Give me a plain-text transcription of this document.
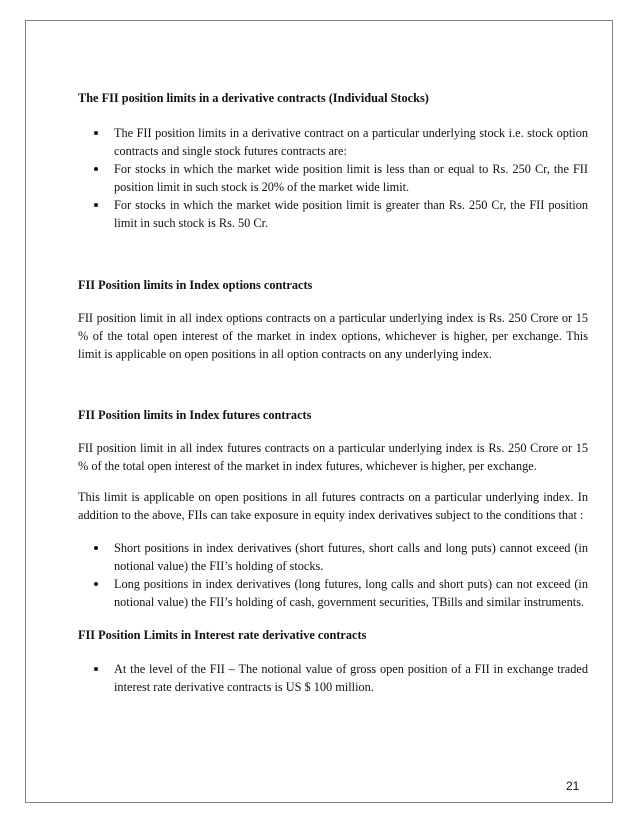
The FII position limits in a derivative contracts (Individual Stocks)

The FII position limits in a derivative contract on a particular underlying stock i.e. stock option contracts and single stock futures contracts are:
For stocks in which the market wide position limit is less than or equal to Rs. 250 Cr, the FII position limit in such stock is 20% of the market wide limit.
For stocks in which the market wide position limit is greater than Rs. 250 Cr, the FII position limit in such stock is Rs. 50 Cr.

FII Position limits in Index options contracts

FII position limit in all index options contracts on a particular underlying index is Rs. 250 Crore or 15 % of the total open interest of the market in index options, whichever is higher, per exchange. This limit is applicable on open positions in all option contracts on any underlying index.

FII Position limits in Index futures contracts

FII position limit in all index futures contracts on a particular underlying index is Rs. 250 Crore or 15 % of the total open interest of the market in index futures, whichever is higher, per exchange.

This limit is applicable on open positions in all futures contracts on a particular underlying index. In addition to the above, FIIs can take exposure in equity index derivatives subject to the conditions that :

Short positions in index derivatives (short futures, short calls and long puts) cannot exceed (in notional value) the FII’s holding of stocks.
Long positions in index derivatives (long futures, long calls and short puts) can not exceed (in notional value) the FII’s holding of cash, government securities, TBills and similar instruments.

FII Position Limits in Interest rate derivative contracts

At the level of the FII – The notional value of gross open position of a FII in exchange traded interest rate derivative contracts is US $ 100 million.
21
